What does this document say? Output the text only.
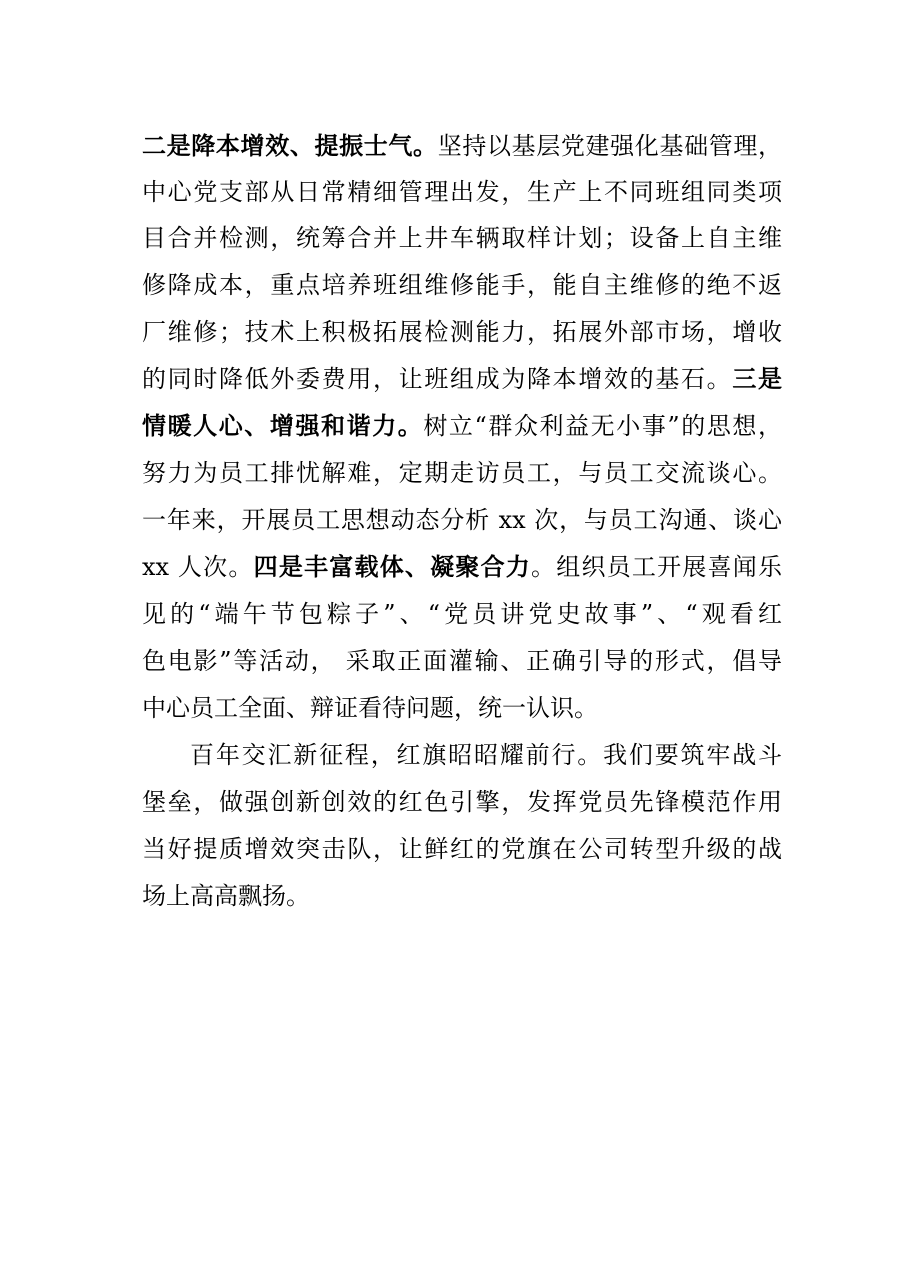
二是降本增效、提振士气。坚持以基层党建强化基础管理，
中心党支部从日常精细管理出发，生产上不同班组同类项
目合并检测，统筹合并上井车辆取样计划；设备上自主维
修降成本，重点培养班组维修能手，能自主维修的绝不返
厂维修；技术上积极拓展检测能力，拓展外部市场，增收
的同时降低外委费用，让班组成为降本增效的基石。三是
情暖人心、增强和谐力。树立“群众利益无小事”的思想，
努力为员工排忧解难，定期走访员工，与员工交流谈心。
一年来，开展员工思想动态分析 xx 次，与员工沟通、谈心
xx 人次。四是丰富载体、凝聚合力。组织员工开展喜闻乐
见的“端午节包粽子”、“党员讲党史故事”、“观看红
色电影”等活动， 采取正面灌输、正确引导的形式，倡导
中心员工全面、辩证看待问题，统一认识。
百年交汇新征程，红旗昭昭耀前行。我们要筑牢战斗
堡垒，做强创新创效的红色引擎，发挥党员先锋模范作用
当好提质增效突击队，让鲜红的党旗在公司转型升级的战
场上高高飘扬。
